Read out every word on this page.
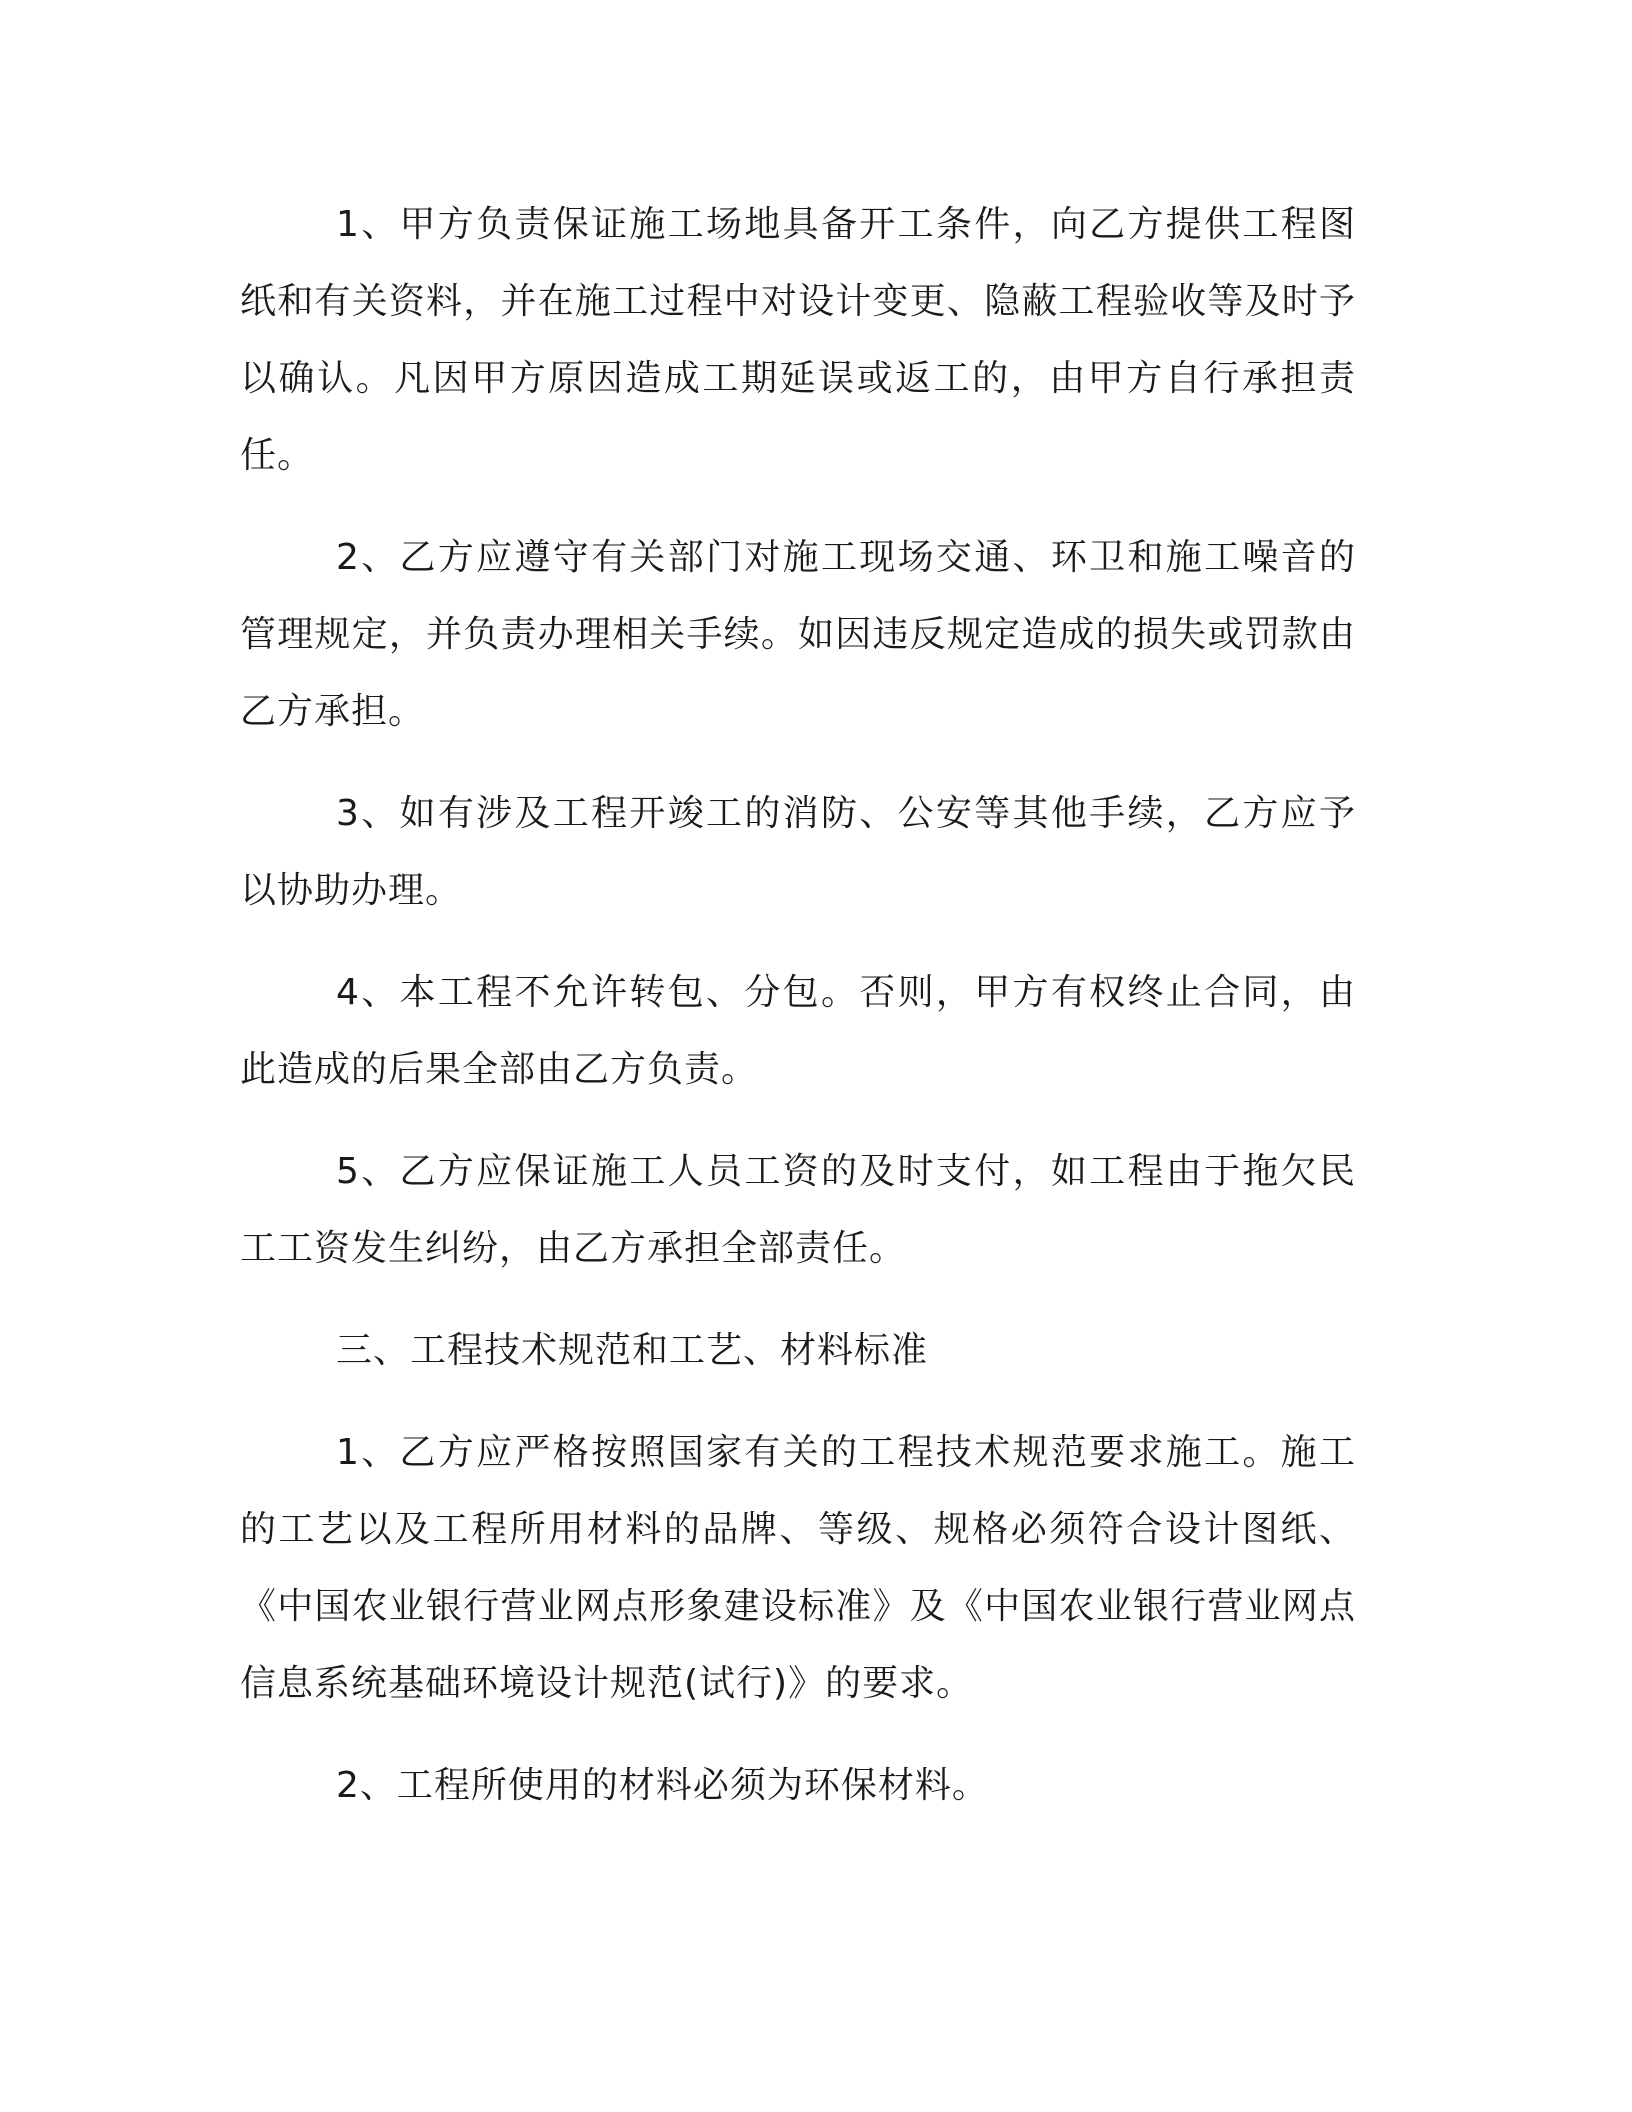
1、甲方负责保证施工场地具备开工条件，向乙方提供工程图纸和有关资料，并在施工过程中对设计变更、隐蔽工程验收等及时予以确认。凡因甲方原因造成工期延误或返工的，由甲方自行承担责任。

2、乙方应遵守有关部门对施工现场交通、环卫和施工噪音的管理规定，并负责办理相关手续。如因违反规定造成的损失或罚款由乙方承担。

3、如有涉及工程开竣工的消防、公安等其他手续，乙方应予以协助办理。

4、本工程不允许转包、分包。否则，甲方有权终止合同，由此造成的后果全部由乙方负责。

5、乙方应保证施工人员工资的及时支付，如工程由于拖欠民工工资发生纠纷，由乙方承担全部责任。

三、工程技术规范和工艺、材料标准

1、乙方应严格按照国家有关的工程技术规范要求施工。施工的工艺以及工程所用材料的品牌、等级、规格必须符合设计图纸、《中国农业银行营业网点形象建设标准》及《中国农业银行营业网点信息系统基础环境设计规范(试行)》的要求。

2、工程所使用的材料必须为环保材料。
